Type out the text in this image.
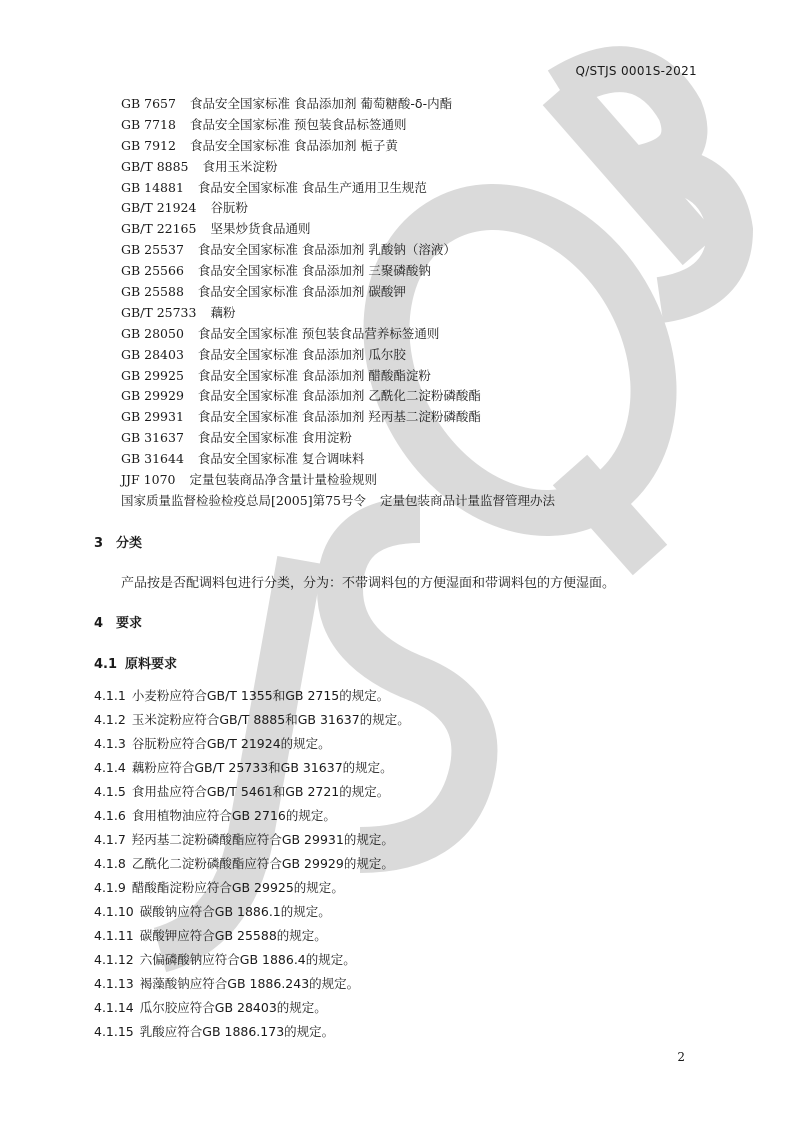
Q/STJS 0001S-2021
GB 7657 食品安全国家标准 食品添加剂 葡萄糖酸-δ-内酯
GB 7718 食品安全国家标准 预包装食品标签通则
GB 7912 食品安全国家标准 食品添加剂 栀子黄
GB/T 8885 食用玉米淀粉
GB 14881 食品安全国家标准 食品生产通用卫生规范
GB/T 21924 谷朊粉
GB/T 22165 坚果炒货食品通则
GB 25537 食品安全国家标准 食品添加剂 乳酸钠（溶液）
GB 25566 食品安全国家标准 食品添加剂 三聚磷酸钠
GB 25588 食品安全国家标准 食品添加剂 碳酸钾
GB/T 25733 藕粉
GB 28050 食品安全国家标准 预包装食品营养标签通则
GB 28403 食品安全国家标准 食品添加剂 瓜尔胶
GB 29925 食品安全国家标准 食品添加剂 醋酸酯淀粉
GB 29929 食品安全国家标准 食品添加剂 乙酰化二淀粉磷酸酯
GB 29931 食品安全国家标准 食品添加剂 羟丙基二淀粉磷酸酯
GB 31637 食品安全国家标准 食用淀粉
GB 31644 食品安全国家标准 复合调味料
JJF 1070 定量包装商品净含量计量检验规则
国家质量监督检验检疫总局[2005]第75号令 定量包装商品计量监督管理办法
3 分类
产品按是否配调料包进行分类，分为：不带调料包的方便湿面和带调料包的方便湿面。
4 要求
4.1 原料要求
4.1.1 小麦粉应符合GB/T 1355和GB 2715的规定。
4.1.2 玉米淀粉应符合GB/T 8885和GB 31637的规定。
4.1.3 谷朊粉应符合GB/T 21924的规定。
4.1.4 藕粉应符合GB/T 25733和GB 31637的规定。
4.1.5 食用盐应符合GB/T 5461和GB 2721的规定。
4.1.6 食用植物油应符合GB 2716的规定。
4.1.7 羟丙基二淀粉磷酸酯应符合GB 29931的规定。
4.1.8 乙酰化二淀粉磷酸酯应符合GB 29929的规定。
4.1.9 醋酸酯淀粉应符合GB 29925的规定。
4.1.10 碳酸钠应符合GB 1886.1的规定。
4.1.11 碳酸钾应符合GB 25588的规定。
4.1.12 六偏磷酸钠应符合GB 1886.4的规定。
4.1.13 褐藻酸钠应符合GB 1886.243的规定。
4.1.14 瓜尔胶应符合GB 28403的规定。
4.1.15 乳酸应符合GB 1886.173的规定。
2
